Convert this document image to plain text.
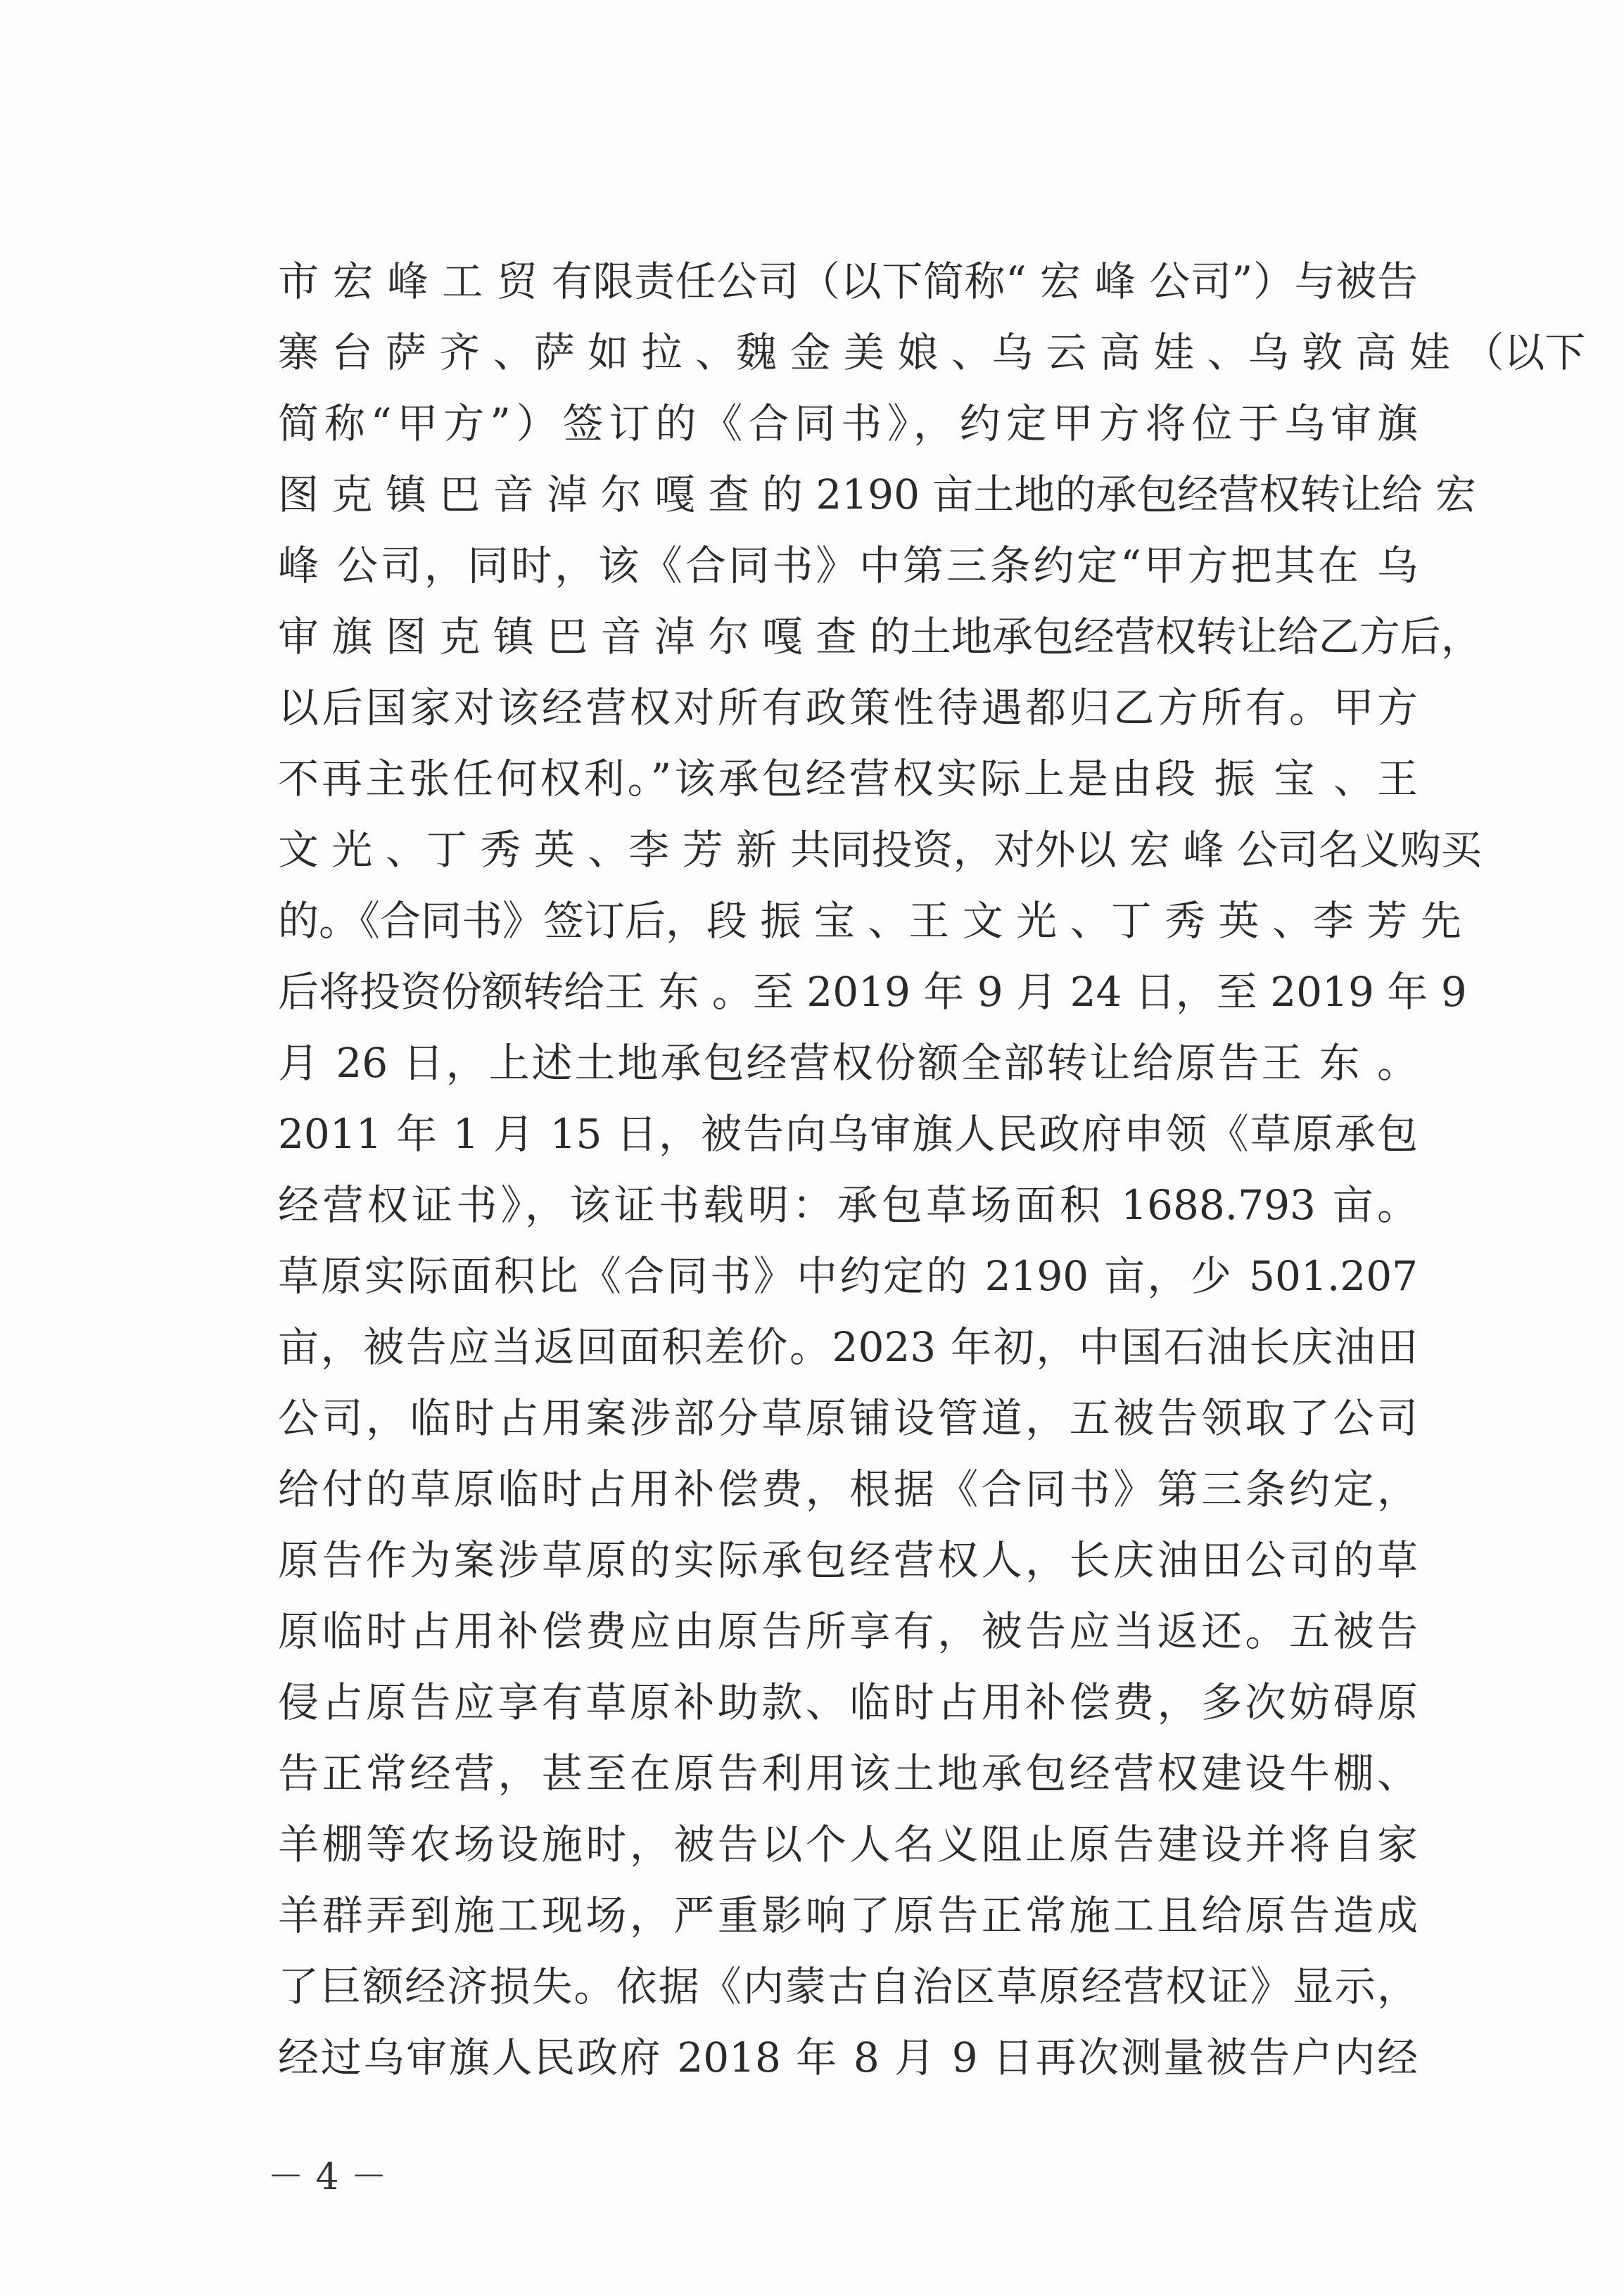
市 宏 峰 工 贸 有限责任公司（以下简称“ 宏 峰 公司”）与被告
寨 台 萨 齐 、萨 如 拉 、魏 金 美 娘 、乌 云 高 娃 、乌 敦 高 娃 （以下
简称“甲方”）签订的《合同书》，约定甲方将位于乌审旗
图 克 镇 巴 音 淖 尔 嘎 查 的 2190 亩土地的承包经营权转让给 宏
峰 公司，同时，该《合同书》中第三条约定“甲方把其在 乌
审 旗 图 克 镇 巴 音 淖 尔 嘎 查 的土地承包经营权转让给乙方后，
以后国家对该经营权对所有政策性待遇都归乙方所有。甲方
不再主张任何权利。”该承包经营权实际上是由段 振 宝 、王
文 光 、丁 秀 英 、李 芳 新 共同投资，对外以 宏 峰 公司名义购买
的。《合同书》签订后，段 振 宝 、王 文 光 、丁 秀 英 、李 芳 先
后将投资份额转给王 东 。至 2019 年 9 月 24 日，至 2019 年 9
月 26 日，上述土地承包经营权份额全部转让给原告王 东 。
2011 年 1 月 15 日，被告向乌审旗人民政府申领《草原承包
经营权证书》，该证书载明：承包草场面积 1688.793 亩。
草原实际面积比《合同书》中约定的 2190 亩，少 501.207
亩，被告应当返回面积差价。2023 年初，中国石油长庆油田
公司，临时占用案涉部分草原铺设管道，五被告领取了公司
给付的草原临时占用补偿费，根据《合同书》第三条约定，
原告作为案涉草原的实际承包经营权人，长庆油田公司的草
原临时占用补偿费应由原告所享有，被告应当返还。五被告
侵占原告应享有草原补助款、临时占用补偿费，多次妨碍原
告正常经营，甚至在原告利用该土地承包经营权建设牛棚、
羊棚等农场设施时，被告以个人名义阻止原告建设并将自家
羊群弄到施工现场，严重影响了原告正常施工且给原告造成
了巨额经济损失。依据《内蒙古自治区草原经营权证》显示，
经过乌审旗人民政府 2018 年 8 月 9 日再次测量被告户内经
－ 4 －
